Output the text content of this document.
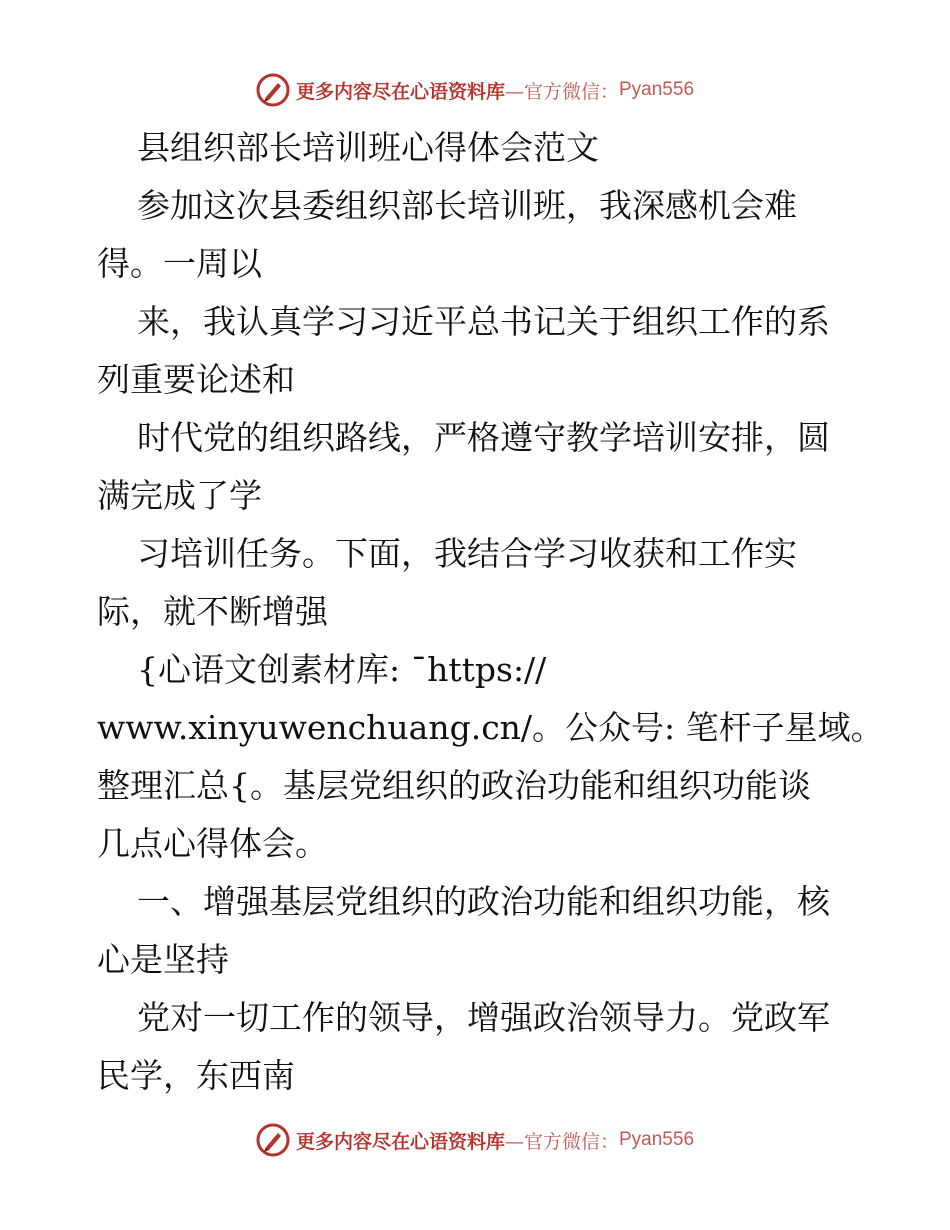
更多内容尽在心语资料库 —官方微信： Pyan556
县组织部长培训班心得体会范文
参加这次县委组织部长培训班，我深感机会难
得。一周以
来，我认真学习习近平总书记关于组织工作的系
列重要论述和
时代党的组织路线，严格遵守教学培训安排，圆
满完成了学
习培训任务。下面，我结合学习收获和工作实
际，就不断增强
{心语文创素材库: ¯https://
www.xinyuwenchuang.cn/。公众号: 笔杆子星域。
整理汇总{。基层党组织的政治功能和组织功能谈
几点心得体会。
一、增强基层党组织的政治功能和组织功能，核
心是坚持
党对一切工作的领导，增强政治领导力。党政军
民学，东西南
更多内容尽在心语资料库 —官方微信： Pyan556
